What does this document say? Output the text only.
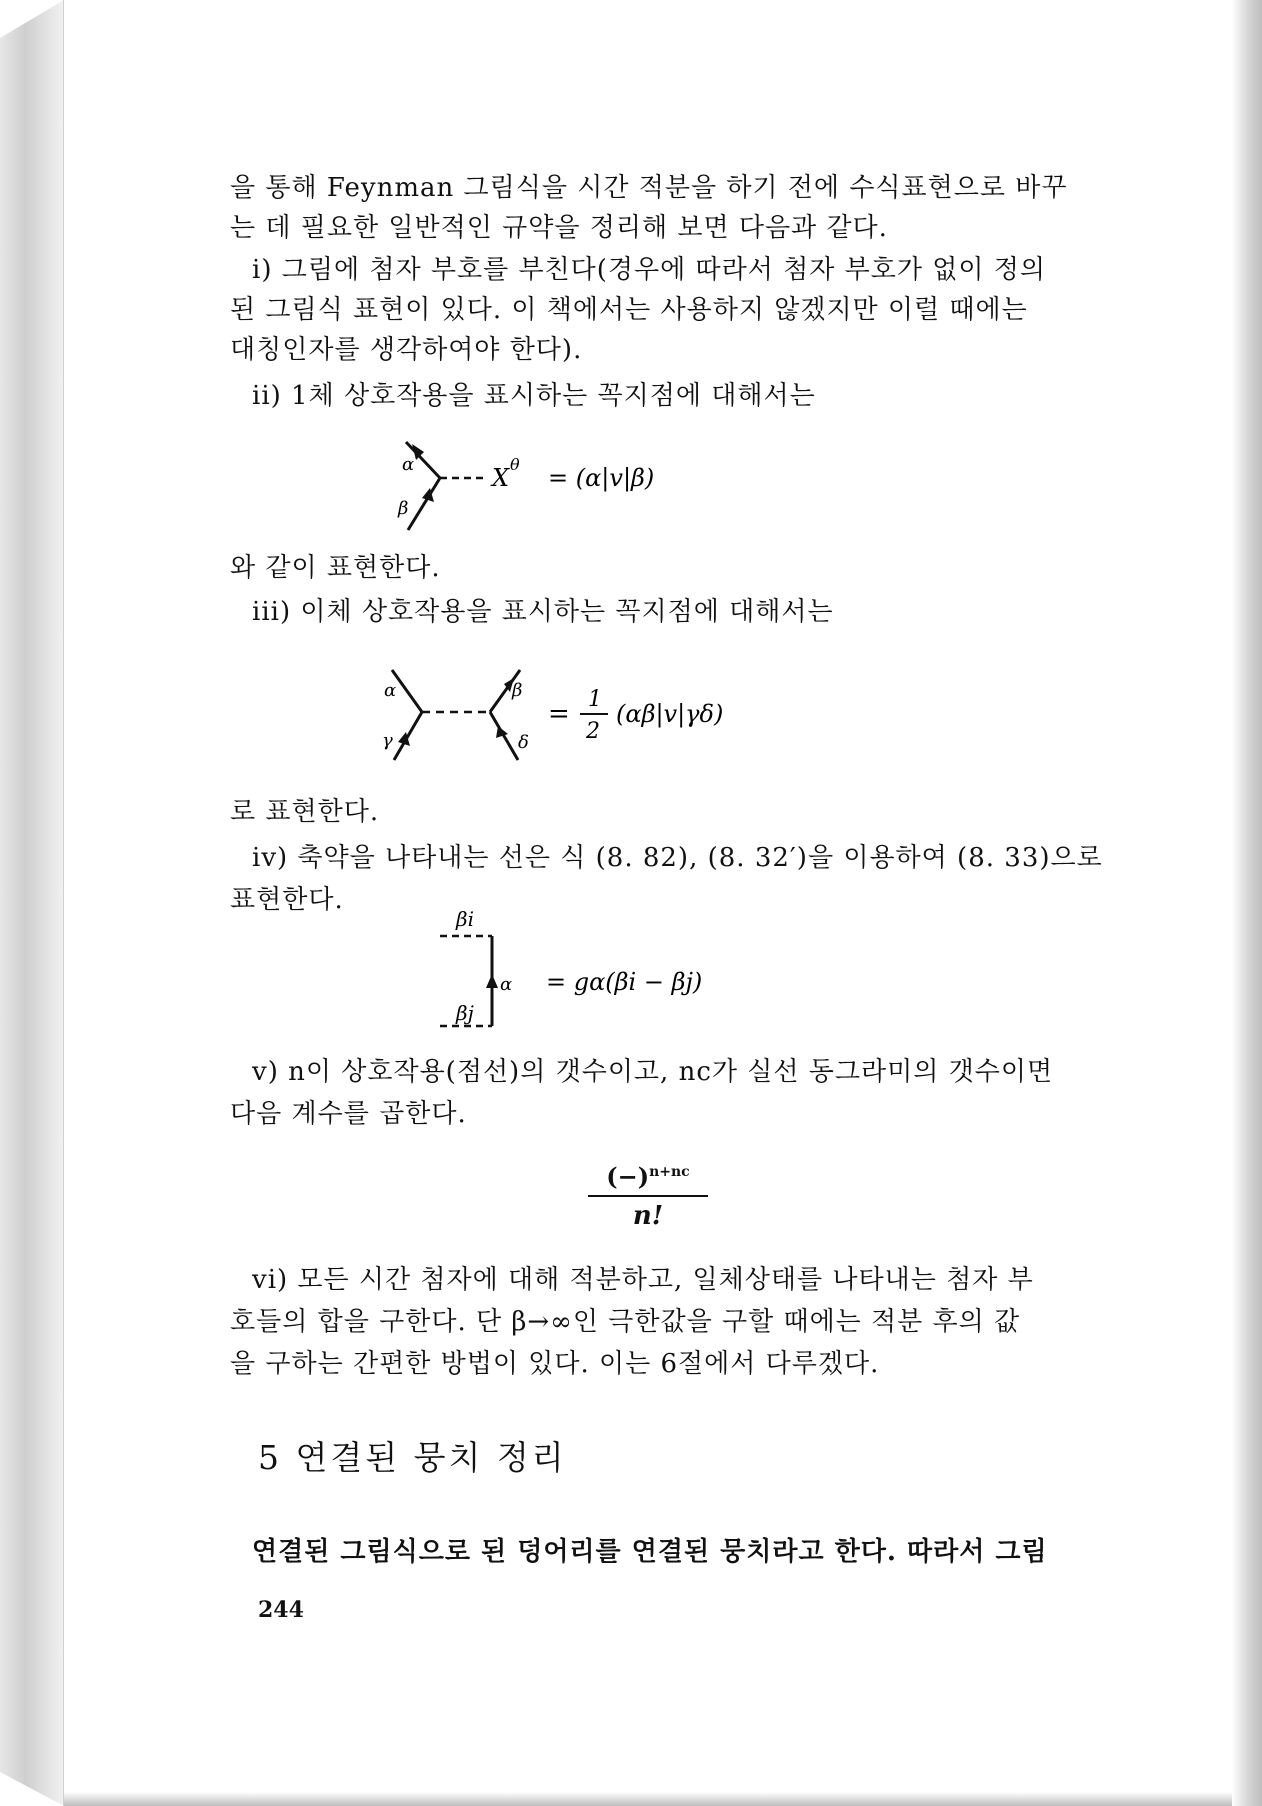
을 통해 Feynman 그림식을 시간 적분을 하기 전에 수식표현으로 바꾸
는 데 필요한 일반적인 규약을 정리해 보면 다음과 같다.
i) 그림에 첨자 부호를 부친다(경우에 따라서 첨자 부호가 없이 정의
된 그림식 표현이 있다. 이 책에서는 사용하지 않겠지만 이럴 때에는
대칭인자를 생각하여야 한다).
ii) 1체 상호작용을 표시하는 꼭지점에 대해서는
α
β
X θ = (α|v|β)
와 같이 표현한다.
iii) 이체 상호작용을 표시하는 꼭지점에 대해서는
α
γ
β
δ
= 1
2
(αβ|v|γδ)
로 표현한다.
iv) 축약을 나타내는 선은 식 (8. 82), (8. 32′)을 이용하여 (8. 33)으로
표현한다.
βi
βj
α = gα(βi − βj)
v) n이 상호작용(점선)의 갯수이고, nc가 실선 동그라미의 갯수이면
다음 계수를 곱한다.
$\frac{(-)^{n+nc}}{n!}$
vi) 모든 시간 첨자에 대해 적분하고, 일체상태를 나타내는 첨자 부
호들의 합을 구한다. 단 β→∞인 극한값을 구할 때에는 적분 후의 값
을 구하는 간편한 방법이 있다. 이는 6절에서 다루겠다.
5 연결된 뭉치 정리
연결된 그림식으로 된 덩어리를 연결된 뭉치라고 한다. 따라서 그림
244
